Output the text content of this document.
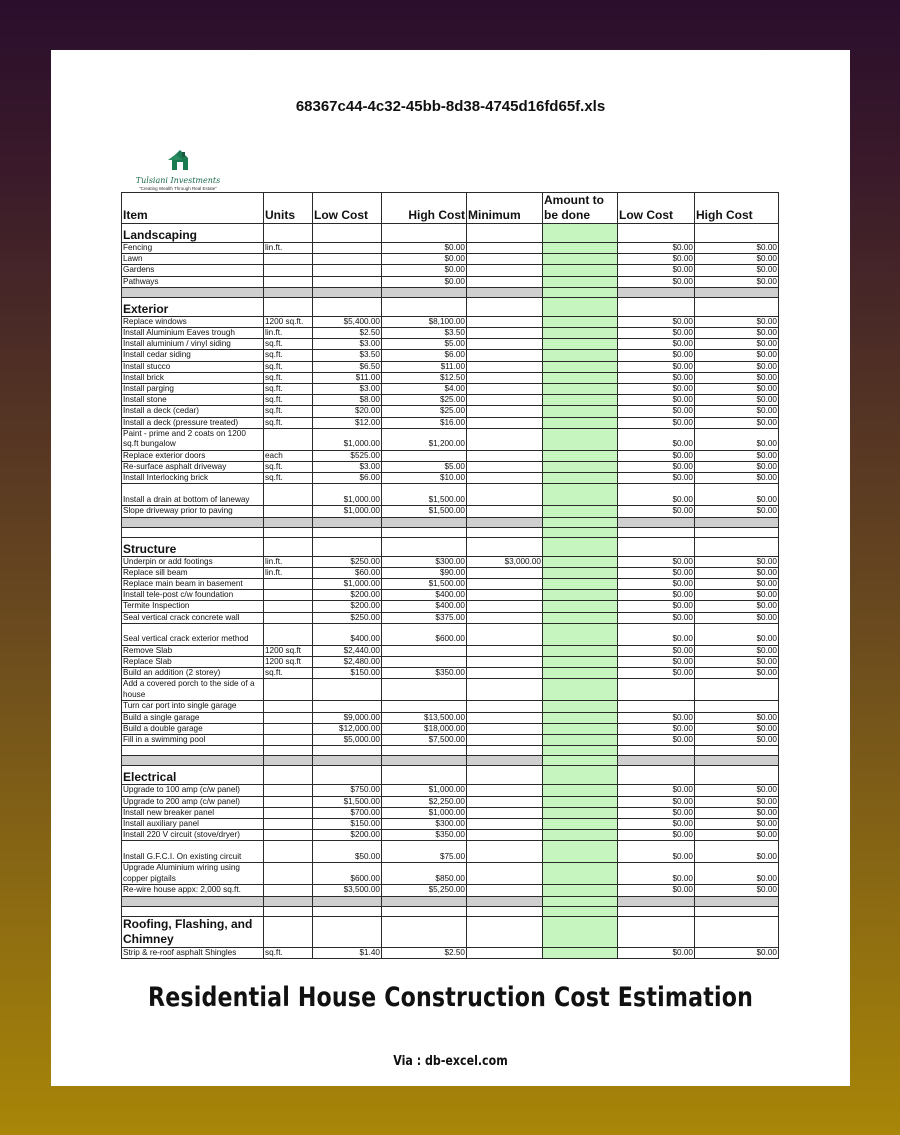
68367c44-4c32-45bb-8d38-4745d16fd65f.xls
Tulsiani Investments
"Creating Wealth Through Real Estate"
Item	Units	Low Cost	High Cost	Minimum	Amount to be done	Low Cost	High Cost
Landscaping							
Fencing	lin.ft.		$0.00			$0.00	$0.00
Lawn			$0.00			$0.00	$0.00
Gardens			$0.00			$0.00	$0.00
Pathways			$0.00			$0.00	$0.00

Exterior							
Replace windows	1200 sq.ft.	$5,400.00	$8,100.00			$0.00	$0.00
Install Aluminium Eaves trough	lin.ft.	$2.50	$3.50			$0.00	$0.00
Install aluminium / vinyl siding	sq.ft.	$3.00	$5.00			$0.00	$0.00
Install cedar siding	sq.ft.	$3.50	$6.00			$0.00	$0.00
Install stucco	sq.ft.	$6.50	$11.00			$0.00	$0.00
Install brick	sq.ft.	$11.00	$12.50			$0.00	$0.00
Install parging	sq.ft.	$3.00	$4.00			$0.00	$0.00
Install stone	sq.ft.	$8.00	$25.00			$0.00	$0.00
Install a deck (cedar)	sq.ft.	$20.00	$25.00			$0.00	$0.00
Install a deck (pressure treated)	sq.ft.	$12.00	$16.00			$0.00	$0.00
Paint - prime and 2 coats on 1200 sq.ft bungalow		$1,000.00	$1,200.00			$0.00	$0.00
Replace exterior doors	each	$525.00				$0.00	$0.00
Re-surface asphalt driveway	sq.ft.	$3.00	$5.00			$0.00	$0.00
Install Interlocking brick	sq.ft.	$6.00	$10.00			$0.00	$0.00
Install a drain at bottom of laneway		$1,000.00	$1,500.00			$0.00	$0.00
Slope driveway prior to paving		$1,000.00	$1,500.00			$0.00	$0.00

Structure							
Underpin or add footings	lin.ft.	$250.00	$300.00	$3,000.00		$0.00	$0.00
Replace sill beam	lin.ft.	$60.00	$90.00			$0.00	$0.00
Replace main beam in basement		$1,000.00	$1,500.00			$0.00	$0.00
Install tele-post c/w foundation		$200.00	$400.00			$0.00	$0.00
Termite Inspection		$200.00	$400.00			$0.00	$0.00
Seal vertical crack concrete wall		$250.00	$375.00			$0.00	$0.00
Seal vertical crack exterior method		$400.00	$600.00			$0.00	$0.00
Remove Slab	1200 sq.ft	$2,440.00				$0.00	$0.00
Replace Slab	1200 sq.ft	$2,480.00				$0.00	$0.00
Build an addition (2 storey)	sq.ft.	$150.00	$350.00			$0.00	$0.00
Add a covered porch to the side of a house							
Turn car port into single garage							
Build a single garage		$9,000.00	$13,500.00			$0.00	$0.00
Build a double garage		$12,000.00	$18,000.00			$0.00	$0.00
Fill in a swimming pool		$5,000.00	$7,500.00			$0.00	$0.00

Electrical							
Upgrade to 100 amp (c/w panel)		$750.00	$1,000.00			$0.00	$0.00
Upgrade to 200 amp (c/w panel)		$1,500.00	$2,250.00			$0.00	$0.00
Install new breaker panel		$700.00	$1,000.00			$0.00	$0.00
Install auxiliary panel		$150.00	$300.00			$0.00	$0.00
Install 220 V circuit (stove/dryer)		$200.00	$350.00			$0.00	$0.00
Install G.F.C.I. On existing circuit		$50.00	$75.00			$0.00	$0.00
Upgrade Aluminium wiring using copper pigtails		$600.00	$850.00			$0.00	$0.00
Re-wire house appx: 2,000 sq.ft.		$3,500.00	$5,250.00			$0.00	$0.00

Roofing, Flashing, and Chimney							
Strip & re-roof asphalt Shingles	sq.ft.	$1.40	$2.50			$0.00	$0.00
Residential House Construction Cost Estimation
Via : db-excel.com
